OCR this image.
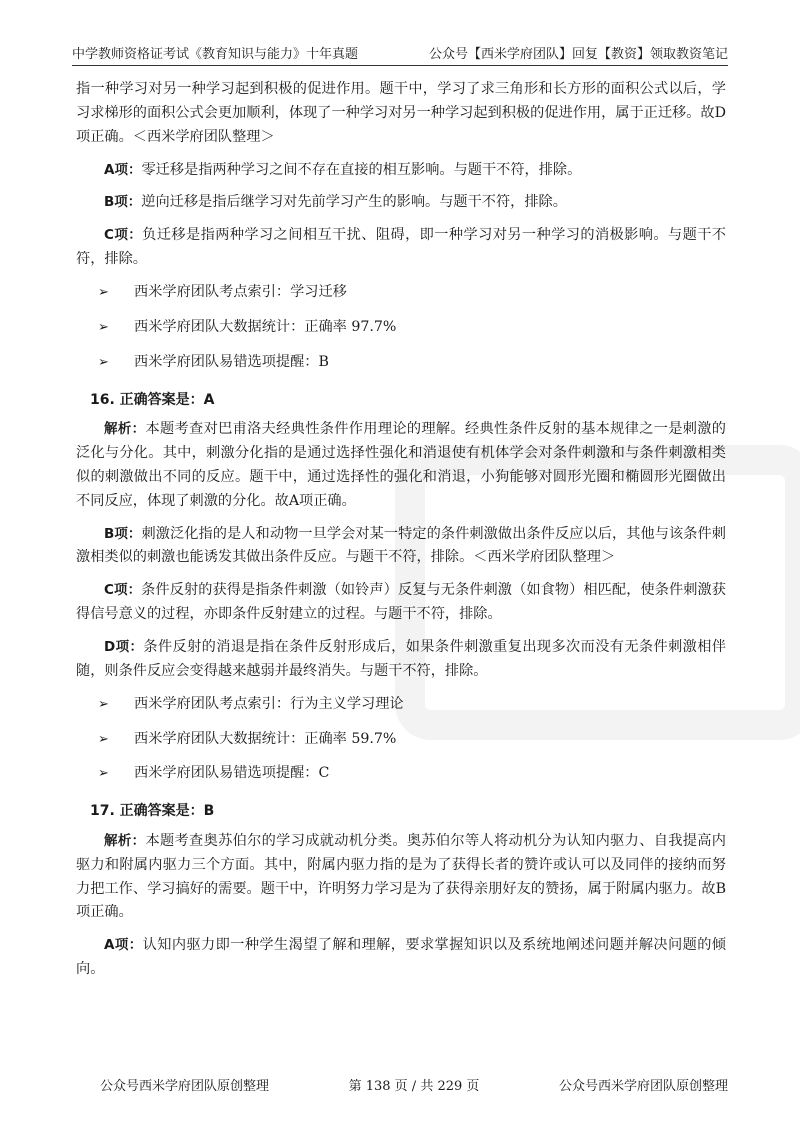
中学教师资格证考试《教育知识与能力》十年真题	公众号【西米学府团队】回复【教资】领取教资笔记

指一种学习对另一种学习起到积极的促进作用。题干中，学习了求三角形和长方形的面积公式以后，学习求梯形的面积公式会更加顺利，体现了一种学习对另一种学习起到积极的促进作用，属于正迁移。故D项正确。＜西米学府团队整理＞

A项：零迁移是指两种学习之间不存在直接的相互影响。与题干不符，排除。

B项：逆向迁移是指后继学习对先前学习产生的影响。与题干不符，排除。

C项：负迁移是指两种学习之间相互干扰、阻碍，即一种学习对另一种学习的消极影响。与题干不符，排除。

➢	西米学府团队考点索引：学习迁移
➢	西米学府团队大数据统计：正确率 97.7%
➢	西米学府团队易错选项提醒：B
16. 正确答案是：A

解析：本题考查对巴甫洛夫经典性条件作用理论的理解。经典性条件反射的基本规律之一是刺激的泛化与分化。其中，刺激分化指的是通过选择性强化和消退使有机体学会对条件刺激和与条件刺激相类似的刺激做出不同的反应。题干中，通过选择性的强化和消退，小狗能够对圆形光圈和椭圆形光圈做出不同反应，体现了刺激的分化。故A项正确。

B项：刺激泛化指的是人和动物一旦学会对某一特定的条件刺激做出条件反应以后，其他与该条件刺激相类似的刺激也能诱发其做出条件反应。与题干不符，排除。＜西米学府团队整理＞

C项：条件反射的获得是指条件刺激（如铃声）反复与无条件刺激（如食物）相匹配，使条件刺激获得信号意义的过程，亦即条件反射建立的过程。与题干不符，排除。

D项：条件反射的消退是指在条件反射形成后，如果条件刺激重复出现多次而没有无条件刺激相伴随，则条件反应会变得越来越弱并最终消失。与题干不符，排除。

➢	西米学府团队考点索引：行为主义学习理论
➢	西米学府团队大数据统计：正确率 59.7%
➢	西米学府团队易错选项提醒：C
17. 正确答案是：B

解析：本题考查奥苏伯尔的学习成就动机分类。奥苏伯尔等人将动机分为认知内驱力、自我提高内驱力和附属内驱力三个方面。其中，附属内驱力指的是为了获得长者的赞许或认可以及同伴的接纳而努力把工作、学习搞好的需要。题干中，许明努力学习是为了获得亲朋好友的赞扬，属于附属内驱力。故B项正确。

A项：认知内驱力即一种学生渴望了解和理解，要求掌握知识以及系统地阐述问题并解决问题的倾向。

公众号西米学府团队原创整理	第 138 页 / 共 229 页	公众号西米学府团队原创整理
